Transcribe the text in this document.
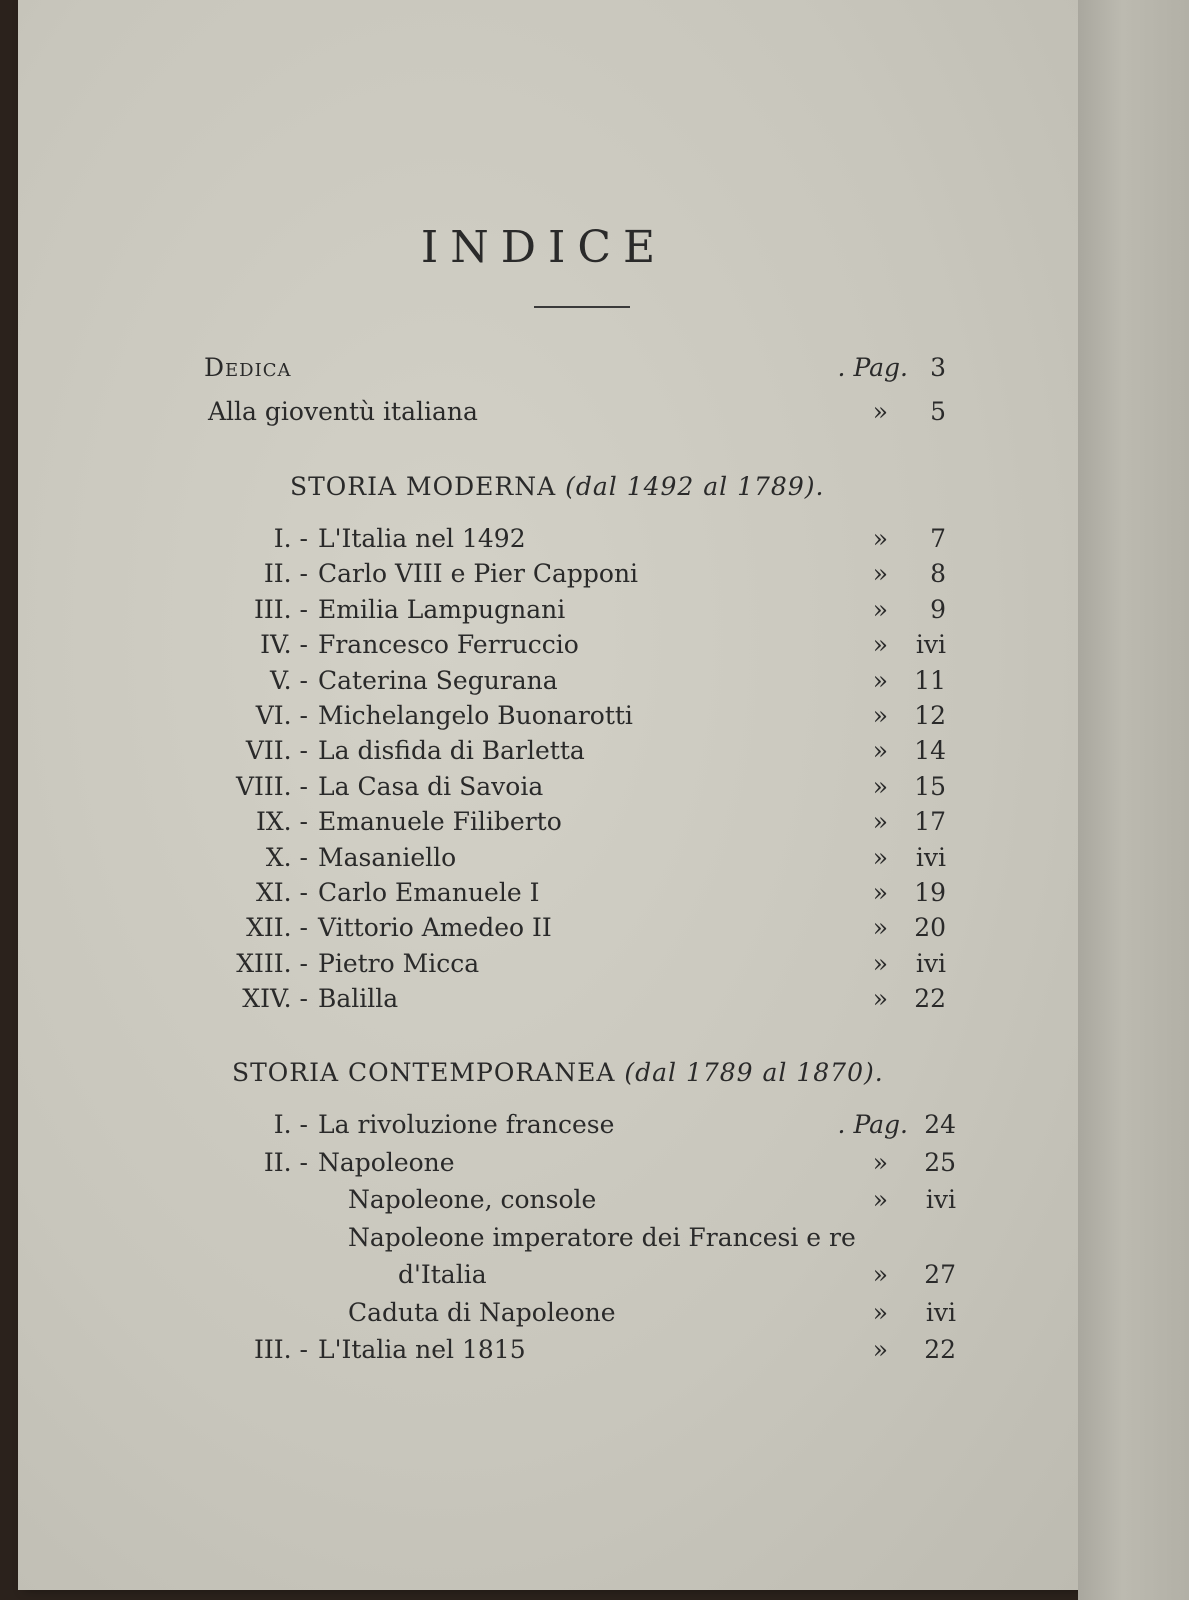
INDICE
Dedica	. Pag. 3
Alla gioventù italiana	»	5
STORIA MODERNA (dal 1492 al 1789).
I. - L'Italia nel 1492	»	7
II. - Carlo VIII e Pier Capponi	»	8
III. - Emilia Lampugnani	»	9
IV. - Francesco Ferruccio	»	ivi
V. - Caterina Segurana	»	11
VI. - Michelangelo Buonarotti	»	12
VII. - La disfida di Barletta	»	14
VIII. - La Casa di Savoia	»	15
IX. - Emanuele Filiberto	»	17
X. - Masaniello	»	ivi
XI. - Carlo Emanuele I	»	19
XII. - Vittorio Amedeo II	»	20
XIII. - Pietro Micca	»	ivi
XIV. - Balilla	»	22
STORIA CONTEMPORANEA (dal 1789 al 1870).
I. - La rivoluzione francese	. Pag. 24
II. - Napoleone	»	25
Napoleone, console	»	ivi
Napoleone imperatore dei Francesi e re
d'Italia	»	27
Caduta di Napoleone	»	ivi
III. - L'Italia nel 1815	»	22
